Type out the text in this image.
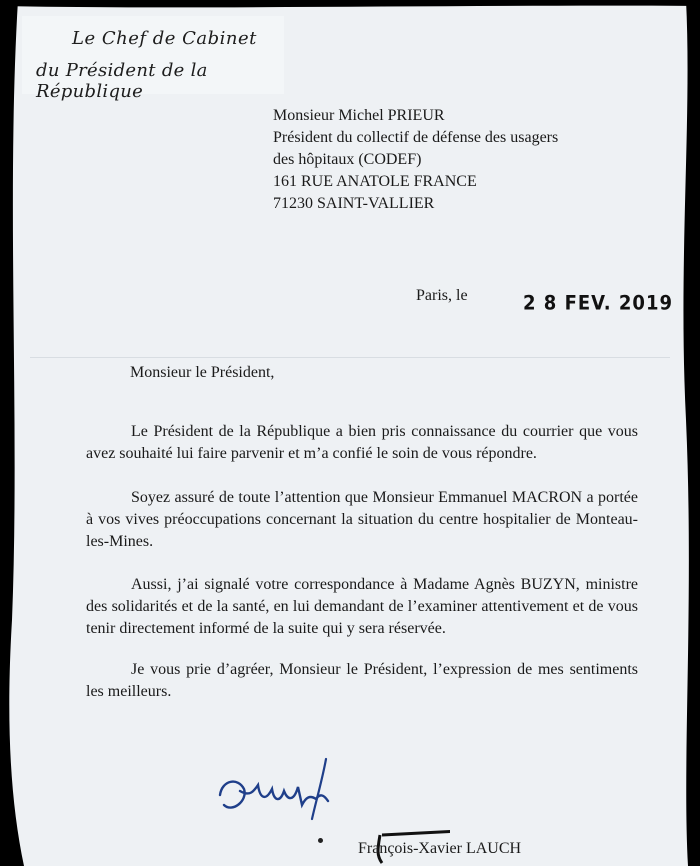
Le Chef de Cabinet
du Président de la République
Monsieur Michel PRIEUR
Président du collectif de défense des usagers
des hôpitaux (CODEF)
161 RUE ANATOLE FRANCE
71230 SAINT-VALLIER
Paris, le	2 8 FEV. 2019
Monsieur le Président,
Le Président de la République a bien pris connaissance du courrier que vous avez souhaité lui faire parvenir et m’a confié le soin de vous répondre.
Soyez assuré de toute l’attention que Monsieur Emmanuel MACRON a portée à vos vives préoccupations concernant la situation du centre hospitalier de Monteau-les-Mines.
Aussi, j’ai signalé votre correspondance à Madame Agnès BUZYN, ministre des solidarités et de la santé, en lui demandant de l’examiner attentivement et de vous tenir directement informé de la suite qui y sera réservée.
Je vous prie d’agréer, Monsieur le Président, l’expression de mes sentiments les meilleurs.
François-Xavier LAUCH
